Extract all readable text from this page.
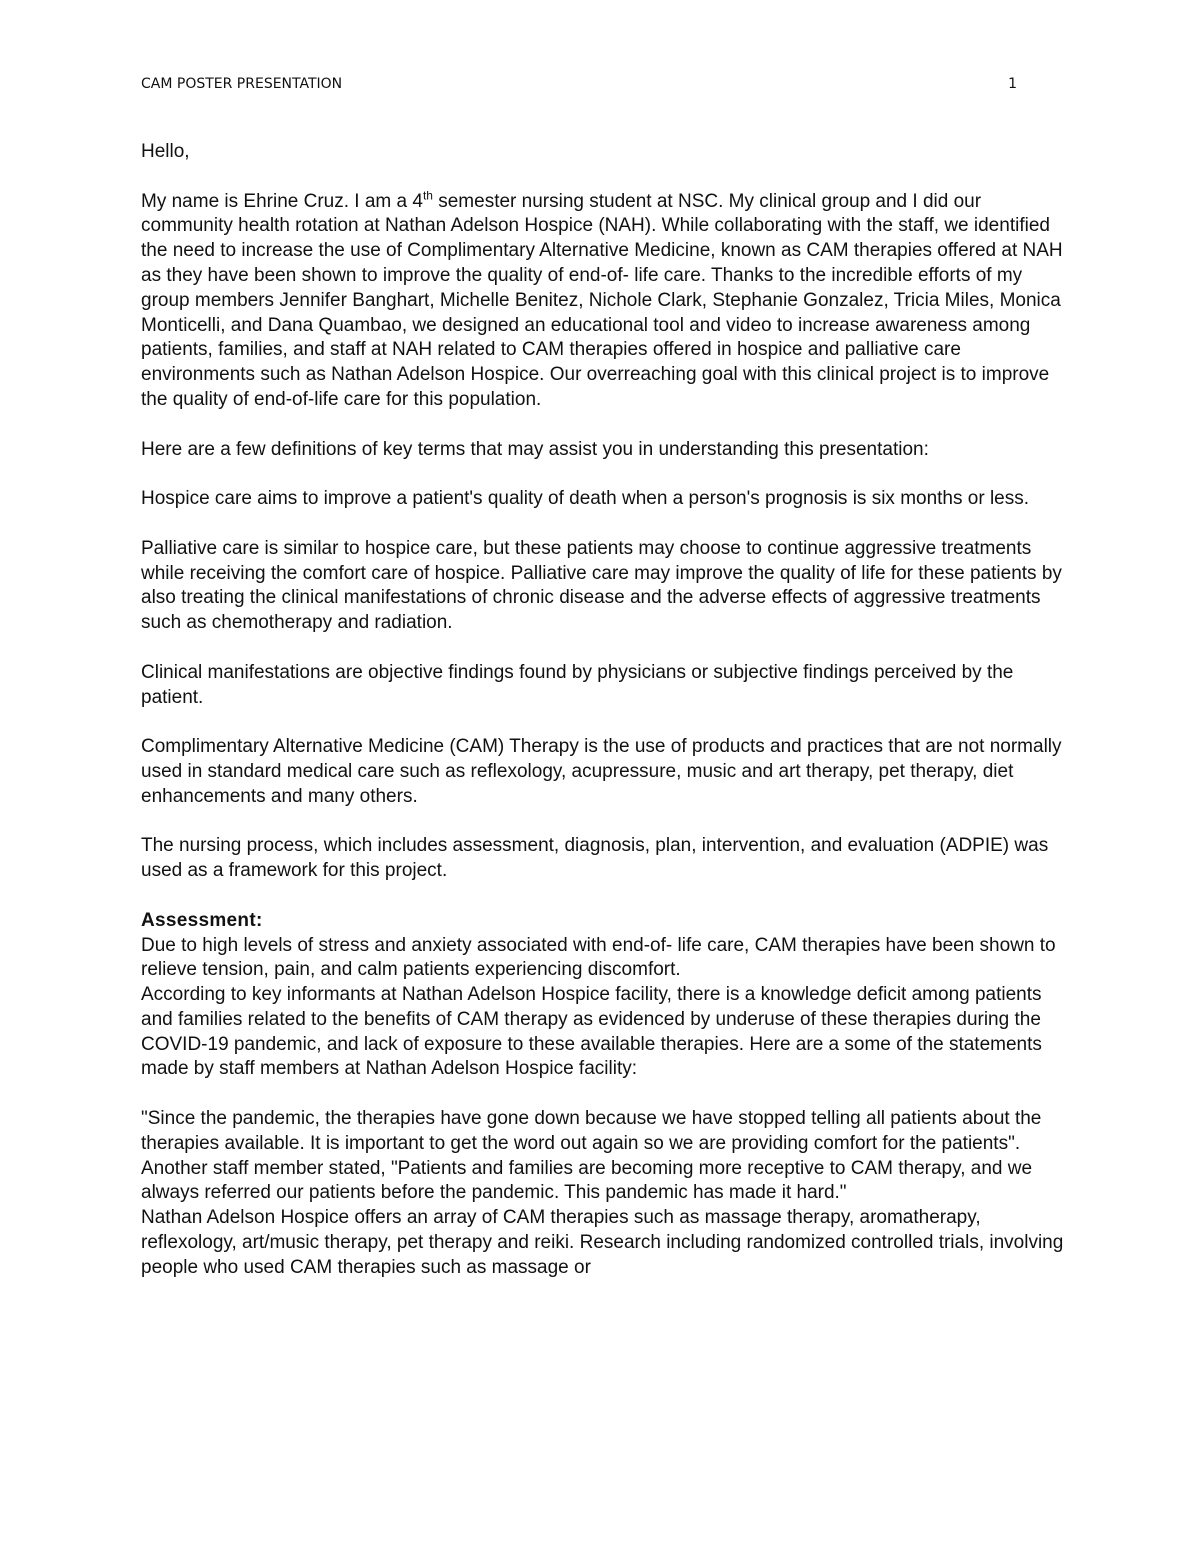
CAM POSTER PRESENTATION	1

Hello,

My name is Ehrine Cruz. I am a 4th semester nursing student at NSC. My clinical group and I did our community health rotation at Nathan Adelson Hospice (NAH). While collaborating with the staff, we identified the need to increase the use of Complimentary Alternative Medicine, known as CAM therapies offered at NAH as they have been shown to improve the quality of end-of- life care. Thanks to the incredible efforts of my group members Jennifer Banghart, Michelle Benitez, Nichole Clark, Stephanie Gonzalez, Tricia Miles, Monica Monticelli, and Dana Quambao, we designed an educational tool and video to increase awareness among patients, families, and staff at NAH related to CAM therapies offered in hospice and palliative care environments such as Nathan Adelson Hospice. Our overreaching goal with this clinical project is to improve the quality of end-of-life care for this population.

Here are a few definitions of key terms that may assist you in understanding this presentation:

Hospice care aims to improve a patient's quality of death when a person's prognosis is six months or less.

Palliative care is similar to hospice care, but these patients may choose to continue aggressive treatments while receiving the comfort care of hospice. Palliative care may improve the quality of life for these patients by also treating the clinical manifestations of chronic disease and the adverse effects of aggressive treatments such as chemotherapy and radiation.

Clinical manifestations are objective findings found by physicians or subjective findings perceived by the patient.

Complimentary Alternative Medicine (CAM) Therapy is the use of products and practices that are not normally used in standard medical care such as reflexology, acupressure, music and art therapy, pet therapy, diet enhancements and many others.

The nursing process, which includes assessment, diagnosis, plan, intervention, and evaluation (ADPIE) was used as a framework for this project.

Assessment:

Due to high levels of stress and anxiety associated with end-of- life care, CAM therapies have been shown to relieve tension, pain, and calm patients experiencing discomfort.

According to key informants at Nathan Adelson Hospice facility, there is a knowledge deficit among patients and families related to the benefits of CAM therapy as evidenced by underuse of these therapies during the COVID-19 pandemic, and lack of exposure to these available therapies. Here are a some of the statements made by staff members at Nathan Adelson Hospice facility:

"Since the pandemic, the therapies have gone down because we have stopped telling all patients about the therapies available. It is important to get the word out again so we are providing comfort for the patients". Another staff member stated, "Patients and families are becoming more receptive to CAM therapy, and we always referred our patients before the pandemic. This pandemic has made it hard."

Nathan Adelson Hospice offers an array of CAM therapies such as massage therapy, aromatherapy, reflexology, art/music therapy, pet therapy and reiki. Research including randomized controlled trials, involving people who used CAM therapies such as massage or
